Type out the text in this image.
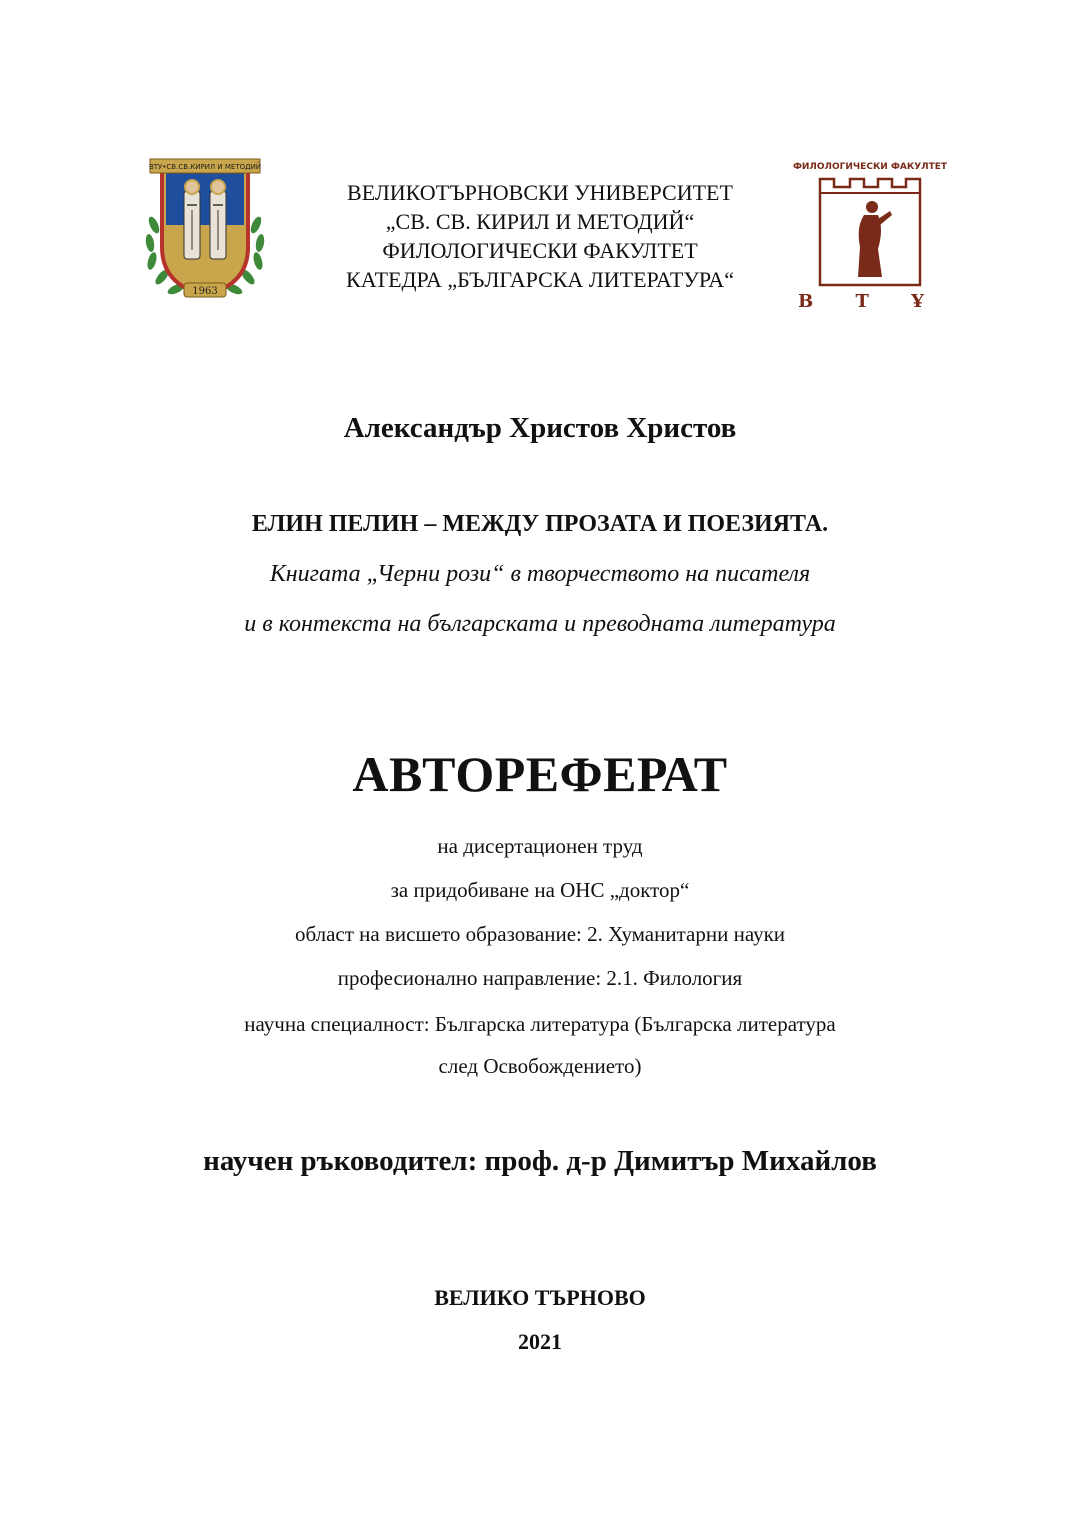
ВТУ•СВ.СВ.КИРИЛ И МЕТОДИЙ
1963
ВЕЛИКОТЪРНОВСКИ УНИВЕРСИТЕТ
„СВ. СВ. КИРИЛ И МЕТОДИЙ“
ФИЛОЛОГИЧЕСКИ ФАКУЛТЕТ
КАТЕДРА „БЪЛГАРСКА ЛИТЕРАТУРА“
ФИЛОЛОГИЧЕСКИ ФАКУЛТЕТ
В Т Ұ
Александър Христов Христов
ЕЛИН ПЕЛИН – МЕЖДУ ПРОЗАТА И ПОЕЗИЯТА.
Книгата „Черни рози“ в творчеството на писателя
и в контекста на българската и преводната литература
АВТОРЕФЕРАТ
на дисертационен труд
за придобиване на ОНС „доктор“
област на висшето образование: 2. Хуманитарни науки
професионално направление: 2.1. Филология
научна специалност: Българска литература (Българска литература
след Освобождението)
научен ръководител: проф. д-р Димитър Михайлов
ВЕЛИКО ТЪРНОВО
2021
